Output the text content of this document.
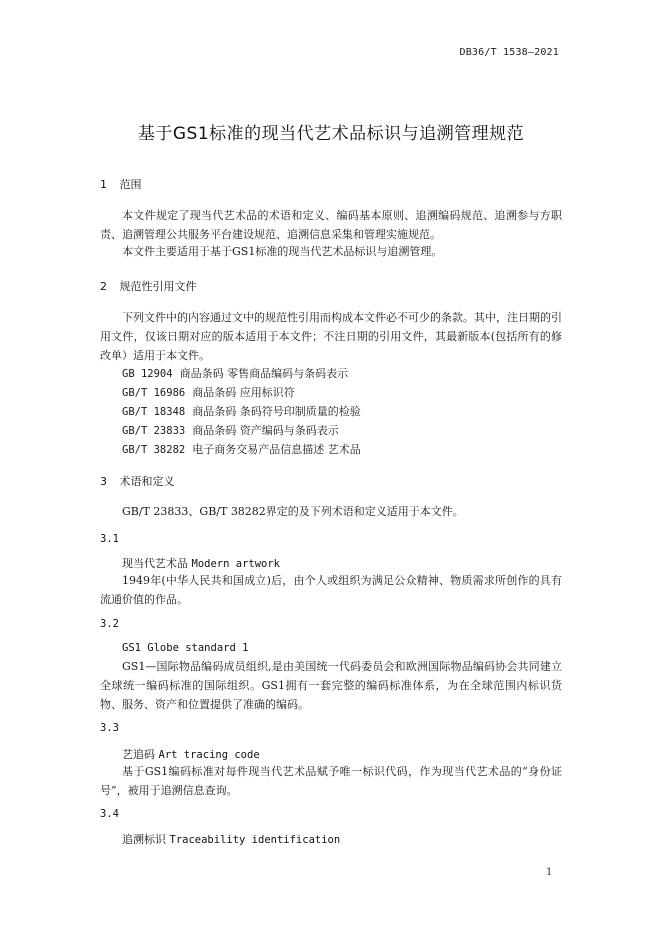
DB36/T 1538—2021
基于GS1标准的现当代艺术品标识与追溯管理规范
1 范围
本文件规定了现当代艺术品的术语和定义、编码基本原则、追溯编码规范、追溯参与方职责、追溯管理公共服务平台建设规范、追溯信息采集和管理实施规范。
本文件主要适用于基于GS1标准的现当代艺术品标识与追溯管理。
2 规范性引用文件
下列文件中的内容通过文中的规范性引用而构成本文件必不可少的条款。其中，注日期的引用文件，仅该日期对应的版本适用于本文件；不注日期的引用文件，其最新版本(包括所有的修改单）适用于本文件。
GB 12904 商品条码 零售商品编码与条码表示
GB/T 16986 商品条码 应用标识符
GB/T 18348 商品条码 条码符号印制质量的检验
GB/T 23833 商品条码 资产编码与条码表示
GB/T 38282 电子商务交易产品信息描述 艺术品
3 术语和定义
GB/T 23833、GB/T 38282界定的及下列术语和定义适用于本文件。
3.1
现当代艺术品 Modern artwork
1949年(中华人民共和国成立)后，由个人或组织为满足公众精神、物质需求所创作的具有流通价值的作品。
3.2
GS1 Globe standard 1
GS1—国际物品编码成员组织,是由美国统一代码委员会和欧洲国际物品编码协会共同建立全球统一编码标准的国际组织。GS1拥有一套完整的编码标准体系，为在全球范围内标识货物、服务、资产和位置提供了准确的编码。
3.3
艺追码 Art tracing code
基于GS1编码标准对每件现当代艺术品赋予唯一标识代码，作为现当代艺术品的“身份证号”，被用于追溯信息查询。
3.4
追溯标识 Traceability identification
1
